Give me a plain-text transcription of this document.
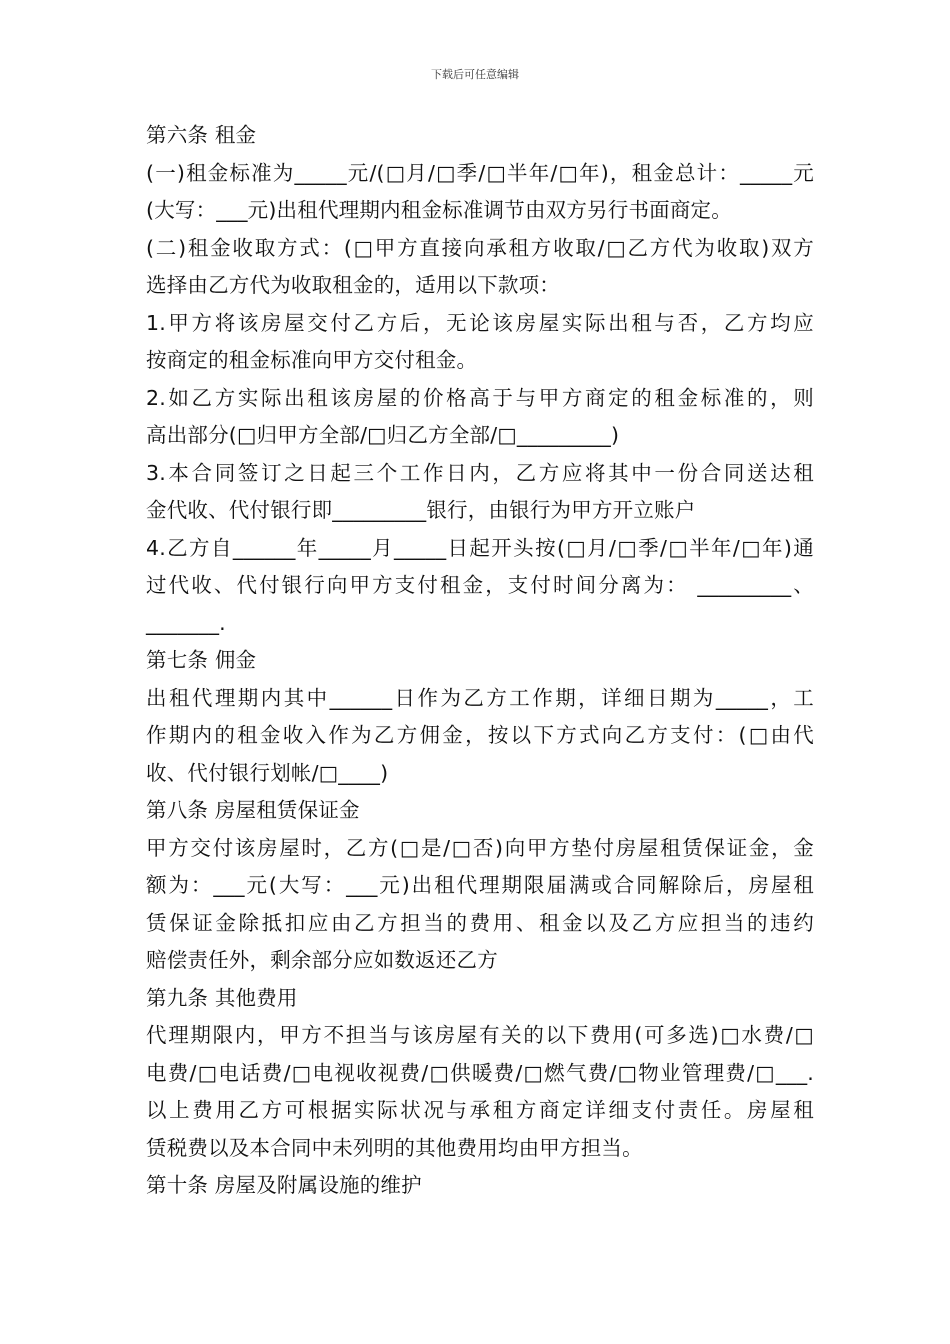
下载后可任意编辑
第六条 租金
(一)租金标准为_____元/(□月/□季/□半年/□年)，租金总计：_____元
(大写：___元)出租代理期内租金标准调节由双方另行书面商定。
(二)租金收取方式：(□甲方直接向承租方收取/□乙方代为收取)双方
选择由乙方代为收取租金的，适用以下款项：
1.甲方将该房屋交付乙方后，无论该房屋实际出租与否，乙方均应
按商定的租金标准向甲方交付租金。
2.如乙方实际出租该房屋的价格高于与甲方商定的租金标准的，则
高出部分(□归甲方全部/□归乙方全部/□_________)
3.本合同签订之日起三个工作日内，乙方应将其中一份合同送达租
金代收、代付银行即_________银行，由银行为甲方开立账户
4.乙方自______年_____月_____日起开头按(□月/□季/□半年/□年)通
过代收、代付银行向甲方支付租金，支付时间分离为： _________、
_______.
第七条 佣金
出租代理期内其中______日作为乙方工作期，详细日期为_____，工
作期内的租金收入作为乙方佣金，按以下方式向乙方支付：(□由代
收、代付银行划帐/□____)
第八条 房屋租赁保证金
甲方交付该房屋时，乙方(□是/□否)向甲方垫付房屋租赁保证金，金
额为：___元(大写：___元)出租代理期限届满或合同解除后，房屋租
赁保证金除抵扣应由乙方担当的费用、租金以及乙方应担当的违约
赔偿责任外，剩余部分应如数返还乙方
第九条 其他费用
代理期限内，甲方不担当与该房屋有关的以下费用(可多选)□水费/□
电费/□电话费/□电视收视费/□供暖费/□燃气费/□物业管理费/□___.
以上费用乙方可根据实际状况与承租方商定详细支付责任。房屋租
赁税费以及本合同中未列明的其他费用均由甲方担当。
第十条 房屋及附属设施的维护
